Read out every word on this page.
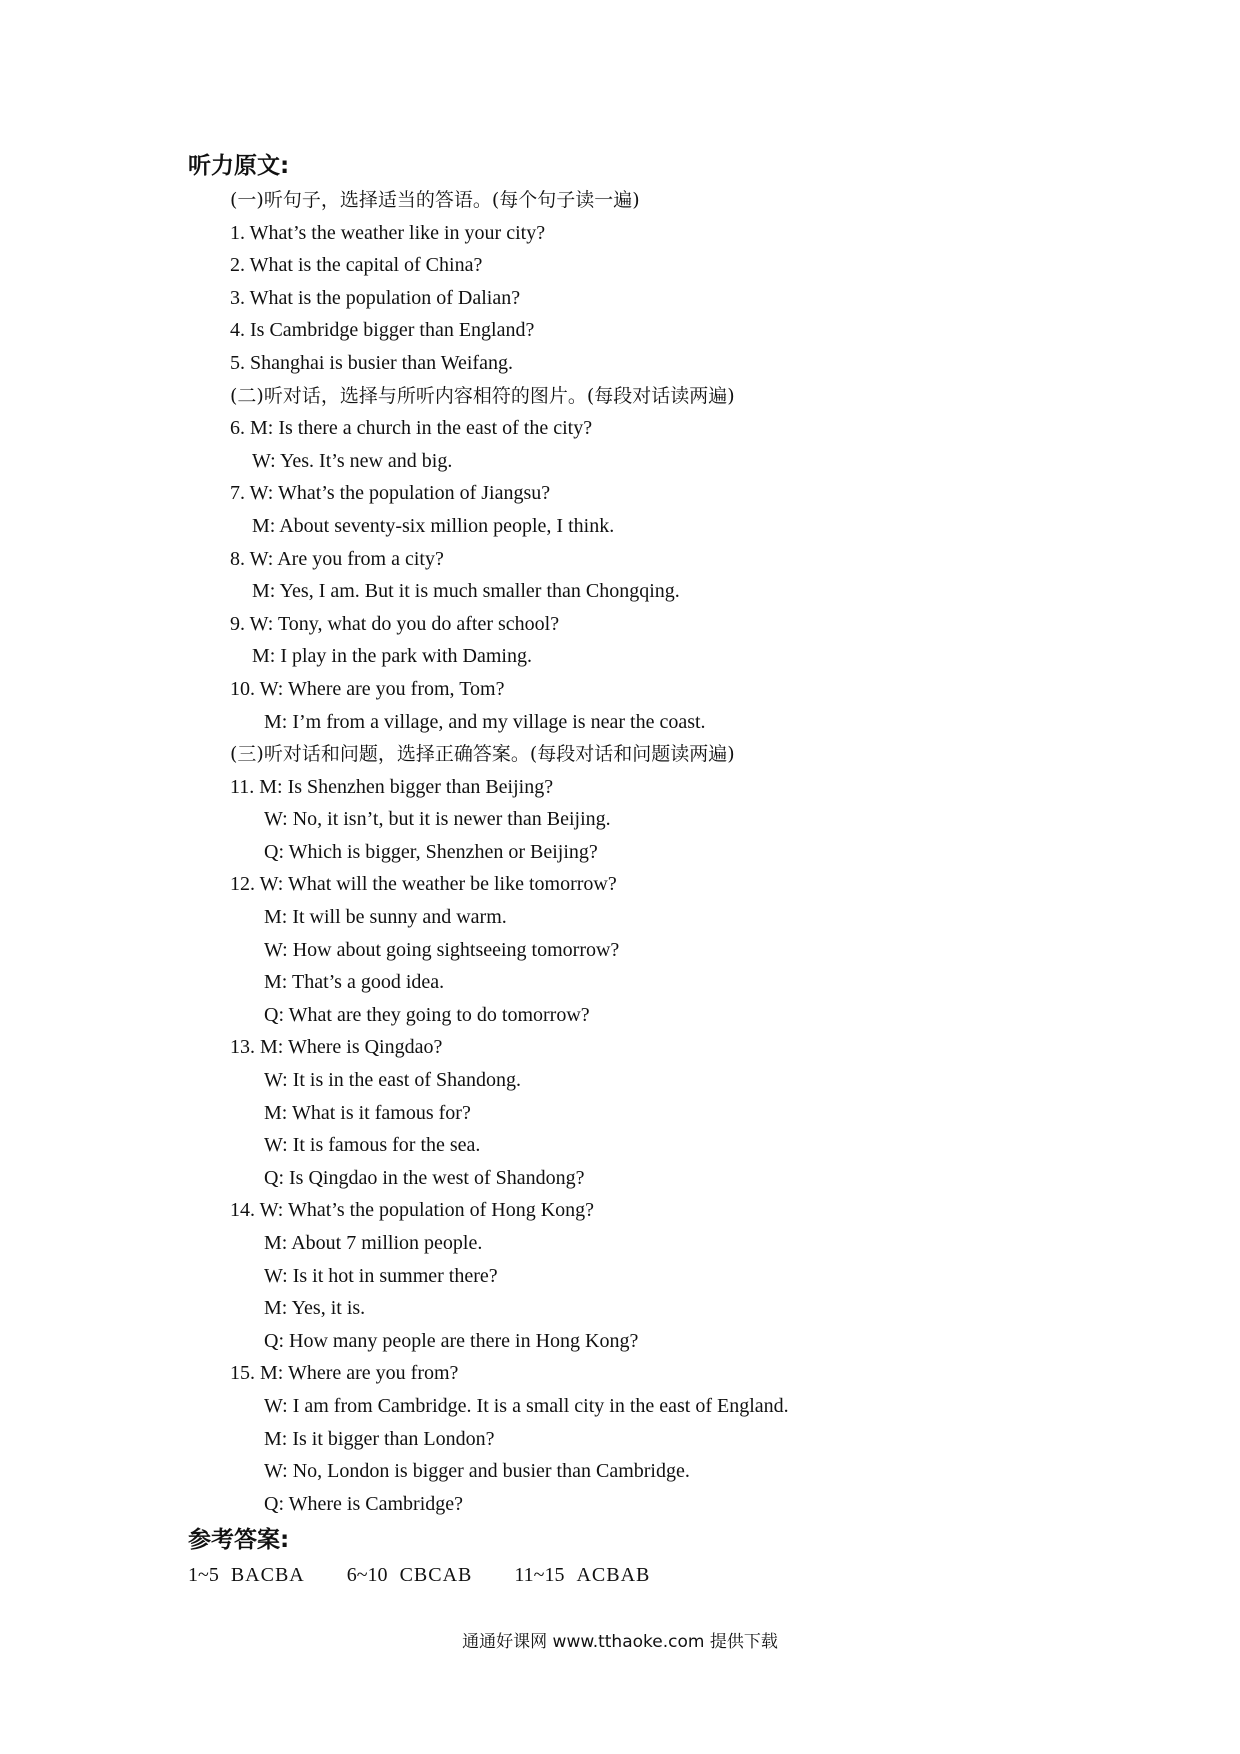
听力原文:
(一)听句子，选择适当的答语。(每个句子读一遍)
1. What’s the weather like in your city?
2. What is the capital of China?
3. What is the population of Dalian?
4. Is Cambridge bigger than England?
5. Shanghai is busier than Weifang.
(二)听对话，选择与所听内容相符的图片。(每段对话读两遍)
6. M: Is there a church in the east of the city?
W: Yes. It’s new and big.
7. W: What’s the population of Jiangsu?
M: About seventy-six million people, I think.
8. W: Are you from a city?
M: Yes, I am. But it is much smaller than Chongqing.
9. W: Tony, what do you do after school?
M: I play in the park with Daming.
10. W: Where are you from, Tom?
M: I’m from a village, and my village is near the coast.
(三)听对话和问题，选择正确答案。(每段对话和问题读两遍)
11. M: Is Shenzhen bigger than Beijing?
W: No, it isn’t, but it is newer than Beijing.
Q: Which is bigger, Shenzhen or Beijing?
12. W: What will the weather be like tomorrow?
M: It will be sunny and warm.
W: How about going sightseeing tomorrow?
M: That’s a good idea.
Q: What are they going to do tomorrow?
13. M: Where is Qingdao?
W: It is in the east of Shandong.
M: What is it famous for?
W: It is famous for the sea.
Q: Is Qingdao in the west of Shandong?
14. W: What’s the population of Hong Kong?
M: About 7 million people.
W: Is it hot in summer there?
M: Yes, it is.
Q: How many people are there in Hong Kong?
15. M: Where are you from?
W: I am from Cambridge. It is a small city in the east of England.
M: Is it bigger than London?
W: No, London is bigger and busier than Cambridge.
Q: Where is Cambridge?
参考答案:
1~5 BACBA 6~10 CBCAB 11~15 ACBAB
通通好课网 www.tthaoke.com 提供下载
